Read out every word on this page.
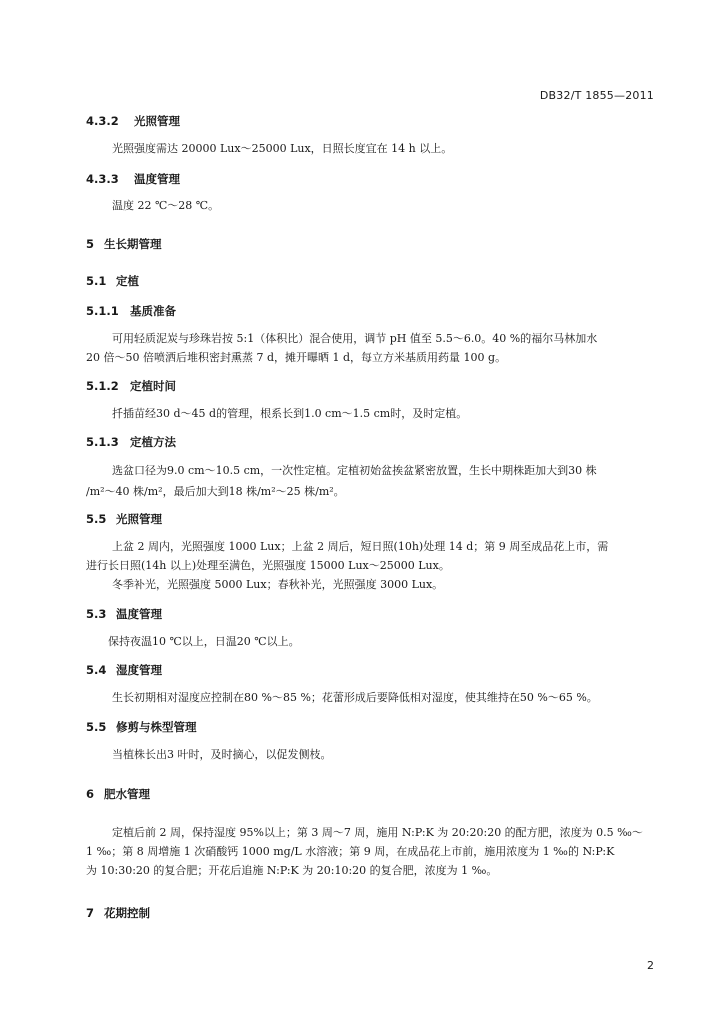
DB32/T 1855—2011
4.3.2 光照管理
光照强度需达 20000 Lux～25000 Lux，日照长度宜在 14 h 以上。
4.3.3 温度管理
温度 22 ℃～28 ℃。
5 生长期管理
5.1 定植
5.1.1 基质准备
可用轻质泥炭与珍珠岩按 5:1（体积比）混合使用，调节 pH 值至 5.5～6.0。40 %的福尔马林加水
20 倍～50 倍喷洒后堆积密封熏蒸 7 d，摊开曝晒 1 d，每立方米基质用药量 100 g。
5.1.2 定植时间
扦插苗经30 d～45 d的管理，根系长到1.0 cm～1.5 cm时，及时定植。
5.1.3 定植方法
选盆口径为9.0 cm～10.5 cm，一次性定植。定植初始盆挨盆紧密放置，生长中期株距加大到30 株
/m²～40 株/m²，最后加大到18 株/m²～25 株/m²。
5.5 光照管理
上盆 2 周内，光照强度 1000 Lux；上盆 2 周后，短日照(10h)处理 14 d；第 9 周至成品花上市，需
进行长日照(14h 以上)处理至满色，光照强度 15000 Lux～25000 Lux。
冬季补光，光照强度 5000 Lux；春秋补光，光照强度 3000 Lux。
5.3 温度管理
保持夜温10 ℃以上，日温20 ℃以上。
5.4 湿度管理
生长初期相对湿度应控制在80 %～85 %；花蕾形成后要降低相对湿度，使其维持在50 %～65 %。
5.5 修剪与株型管理
当植株长出3 叶时，及时摘心，以促发侧枝。
6 肥水管理
定植后前 2 周，保持湿度 95%以上；第 3 周～7 周，施用 N:P:K 为 20:20:20 的配方肥，浓度为 0.5 ‰～
1 ‰；第 8 周增施 1 次硝酸钙 1000 mg/L 水溶液；第 9 周，在成品花上市前，施用浓度为 1 ‰的 N:P:K
为 10:30:20 的复合肥；开花后追施 N:P:K 为 20:10:20 的复合肥，浓度为 1 ‰。
7 花期控制
2
